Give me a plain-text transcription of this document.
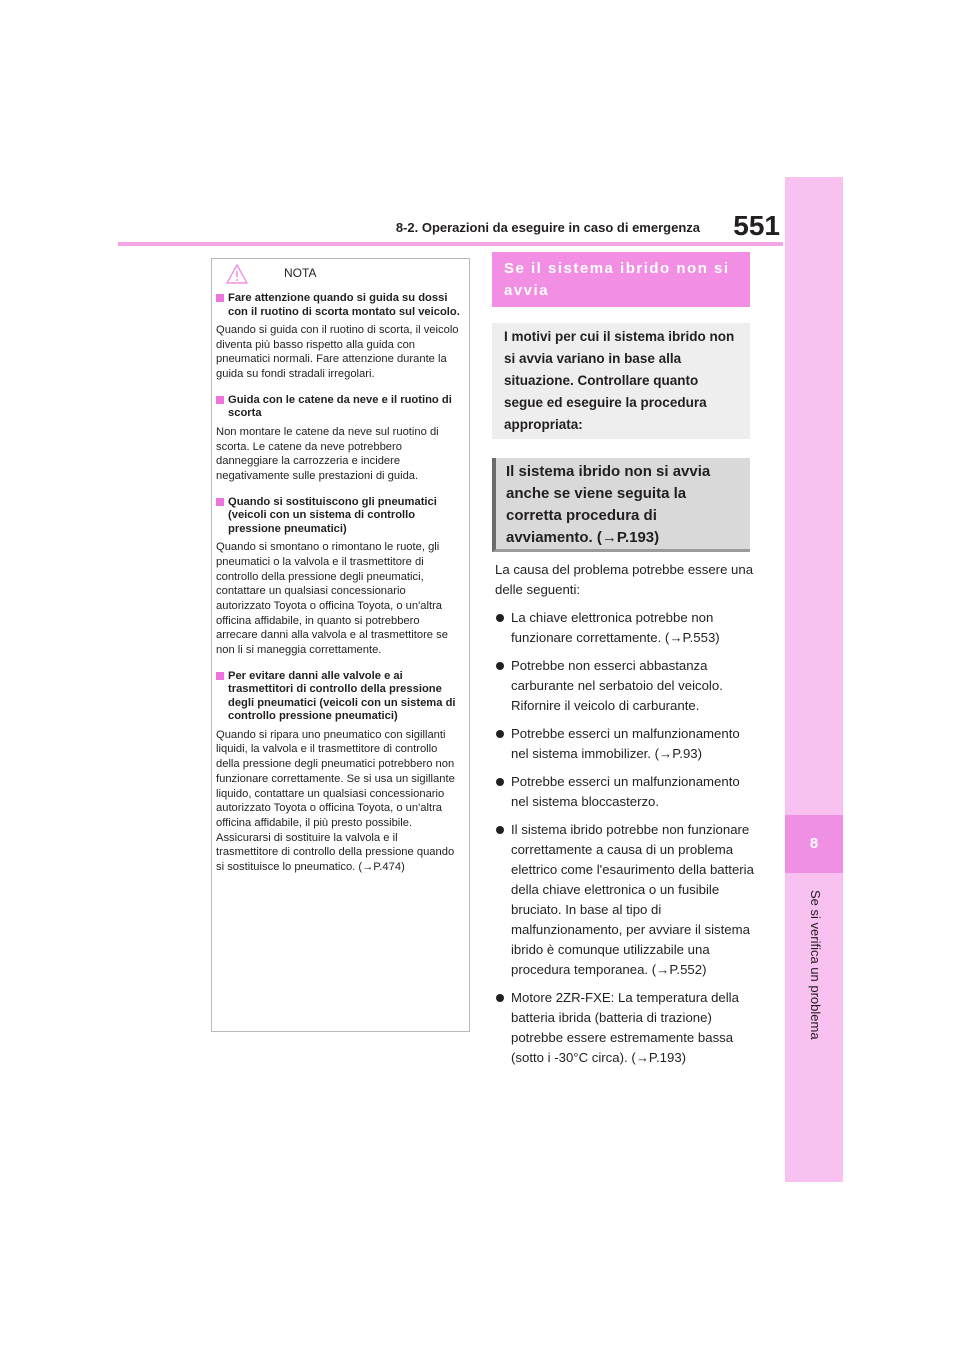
8
Se si verifica un problema
8-2. Operazioni da eseguire in caso di emergenza	551
NOTA
Fare attenzione quando si guida su dossi con il ruotino di scorta montato sul veicolo.

Quando si guida con il ruotino di scorta, il veicolo diventa più basso rispetto alla guida con pneumatici normali. Fare attenzione durante la guida su fondi stradali irregolari.

Guida con le catene da neve e il ruotino di scorta

Non montare le catene da neve sul ruotino di scorta. Le catene da neve potrebbero danneggiare la carrozzeria e incidere negativamente sulle prestazioni di guida.

Quando si sostituiscono gli pneumatici (veicoli con un sistema di controllo pressione pneumatici)

Quando si smontano o rimontano le ruote, gli pneumatici o la valvola e il trasmettitore di controllo della pressione degli pneumatici, contattare un qualsiasi concessionario autorizzato Toyota o officina Toyota, o un'altra officina affidabile, in quanto si potrebbero arrecare danni alla valvola e al trasmettitore se non li si maneggia correttamente.

Per evitare danni alle valvole e ai trasmettitori di controllo della pressione degli pneumatici (veicoli con un sistema di controllo pressione pneumatici)

Quando si ripara uno pneumatico con sigillanti liquidi, la valvola e il trasmettitore di controllo della pressione degli pneumatici potrebbero non funzionare correttamente. Se si usa un sigillante liquido, contattare un qualsiasi concessionario autorizzato Toyota o officina Toyota, o un'altra officina affidabile, il più presto possibile. Assicurarsi di sostituire la valvola e il trasmettitore di controllo della pressione quando si sostituisce lo pneumatico. (→P.474)

Se il sistema ibrido non si avvia
I motivi per cui il sistema ibrido non si avvia variano in base alla situazione. Controllare quanto segue ed eseguire la procedura appropriata:
Il sistema ibrido non si avvia anche se viene seguita la corretta procedura di avviamento. (→P.193)

La causa del problema potrebbe essere una delle seguenti:

La chiave elettronica potrebbe non funzionare correttamente. (→P.553)
Potrebbe non esserci abbastanza carburante nel serbatoio del veicolo. Rifornire il veicolo di carburante.
Potrebbe esserci un malfunzionamento nel sistema immobilizer. (→P.93)
Potrebbe esserci un malfunzionamento nel sistema bloccasterzo.
Il sistema ibrido potrebbe non funzionare correttamente a causa di un problema elettrico come l'esaurimento della batteria della chiave elettronica o un fusibile bruciato. In base al tipo di malfunzionamento, per avviare il sistema ibrido è comunque utilizzabile una procedura temporanea. (→P.552)
Motore 2ZR-FXE: La temperatura della batteria ibrida (batteria di trazione) potrebbe essere estremamente bassa (sotto i -30°C circa). (→P.193)
